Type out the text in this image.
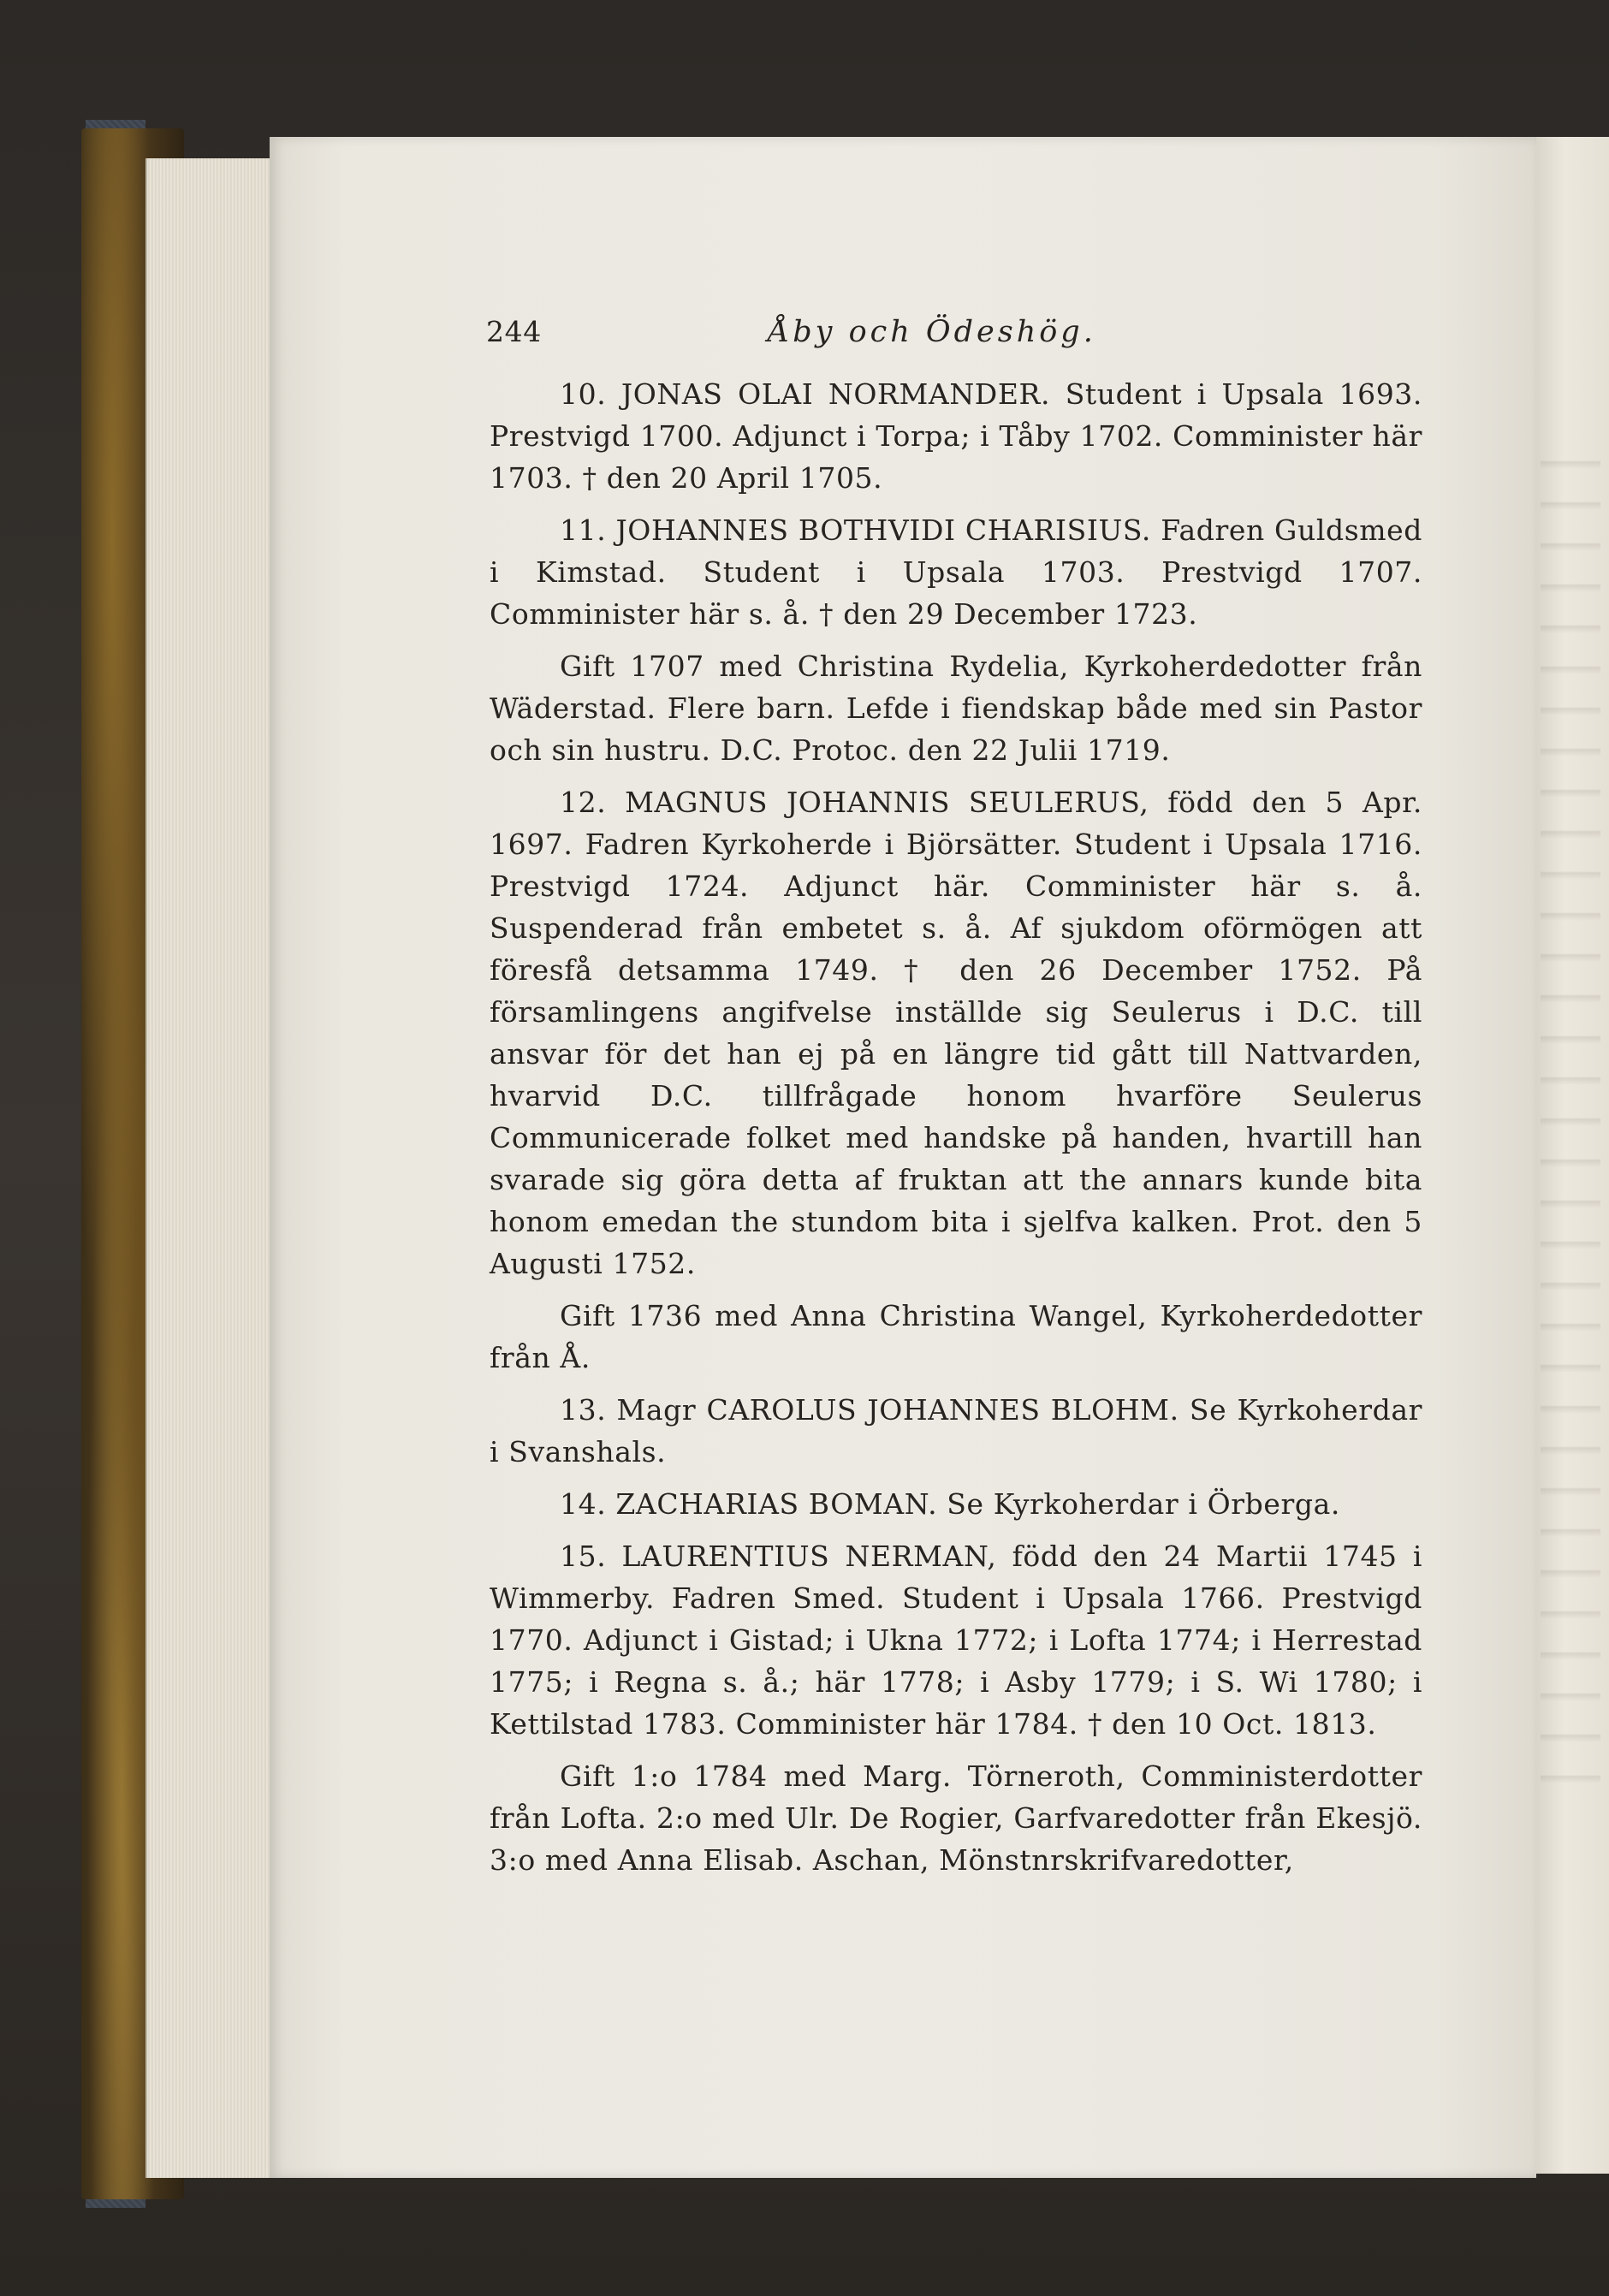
244	Åby och Ödeshög.

10. JONAS OLAI NORMANDER. Student i Upsala 1693. Prestvigd 1700. Adjunct i Torpa; i Tåby 1702. Comminister här 1703. † den 20 April 1705.

11. JOHANNES BOTHVIDI CHARISIUS. Fadren Guldsmed i Kimstad. Student i Upsala 1703. Prestvigd 1707. Comminister här s. å. † den 29 December 1723.

Gift 1707 med Christina Rydelia, Kyrkoherdedotter från Wäderstad. Flere barn. Lefde i fiendskap både med sin Pastor och sin hustru. D.C. Protoc. den 22 Julii 1719.

12. MAGNUS JOHANNIS SEULERUS, född den 5 Apr. 1697. Fadren Kyrkoherde i Björsätter. Student i Upsala 1716. Prestvigd 1724. Adjunct här. Comminister här s. å. Suspenderad från embetet s. å. Af sjukdom oförmögen att föresfå detsamma 1749. † den 26 December 1752. På församlingens angifvelse inställde sig Seulerus i D.C. till ansvar för det han ej på en längre tid gått till Nattvarden, hvarvid D.C. tillfrågade honom hvarföre Seulerus Communicerade folket med handske på handen, hvartill han svarade sig göra detta af fruktan att the annars kunde bita honom emedan the stundom bita i sjelfva kalken. Prot. den 5 Augusti 1752.

Gift 1736 med Anna Christina Wangel, Kyrkoherdedotter från Å.

13. Magr CAROLUS JOHANNES BLOHM. Se Kyrkoherdar i Svanshals.

14. ZACHARIAS BOMAN. Se Kyrkoherdar i Örberga.

15. LAURENTIUS NERMAN, född den 24 Martii 1745 i Wimmerby. Fadren Smed. Student i Upsala 1766. Prestvigd 1770. Adjunct i Gistad; i Ukna 1772; i Lofta 1774; i Herrestad 1775; i Regna s. å.; här 1778; i Asby 1779; i S. Wi 1780; i Kettilstad 1783. Comminister här 1784. † den 10 Oct. 1813.

Gift 1:o 1784 med Marg. Törneroth, Comministerdotter från Lofta. 2:o med Ulr. De Rogier, Garfvaredotter från Ekesjö. 3:o med Anna Elisab. Aschan, Mönstnrskrifvaredotter,
